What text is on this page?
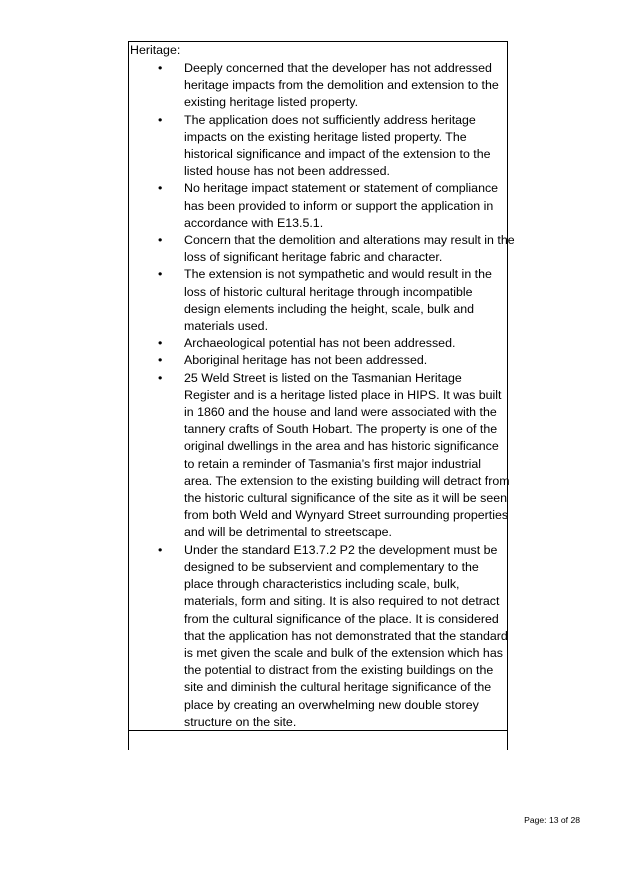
Heritage:
• Deeply concerned that the developer has not addressed
heritage impacts from the demolition and extension to the
existing heritage listed property.
• The application does not sufficiently address heritage
impacts on the existing heritage listed property. The
historical significance and impact of the extension to the
listed house has not been addressed.
• No heritage impact statement or statement of compliance
has been provided to inform or support the application in
accordance with E13.5.1.
• Concern that the demolition and alterations may result in the
loss of significant heritage fabric and character.
• The extension is not sympathetic and would result in the
loss of historic cultural heritage through incompatible
design elements including the height, scale, bulk and
materials used.
• Archaeological potential has not been addressed.
• Aboriginal heritage has not been addressed.
• 25 Weld Street is listed on the Tasmanian Heritage
Register and is a heritage listed place in HIPS. It was built
in 1860 and the house and land were associated with the
tannery crafts of South Hobart. The property is one of the
original dwellings in the area and has historic significance
to retain a reminder of Tasmania’s first major industrial
area. The extension to the existing building will detract from
the historic cultural significance of the site as it will be seen
from both Weld and Wynyard Street surrounding properties
and will be detrimental to streetscape.
• Under the standard E13.7.2 P2 the development must be
designed to be subservient and complementary to the
place through characteristics including scale, bulk,
materials, form and siting. It is also required to not detract
from the cultural significance of the place. It is considered
that the application has not demonstrated that the standard
is met given the scale and bulk of the extension which has
the potential to distract from the existing buildings on the
site and diminish the cultural heritage significance of the
place by creating an overwhelming new double storey
structure on the site.
Page: 13 of 28
